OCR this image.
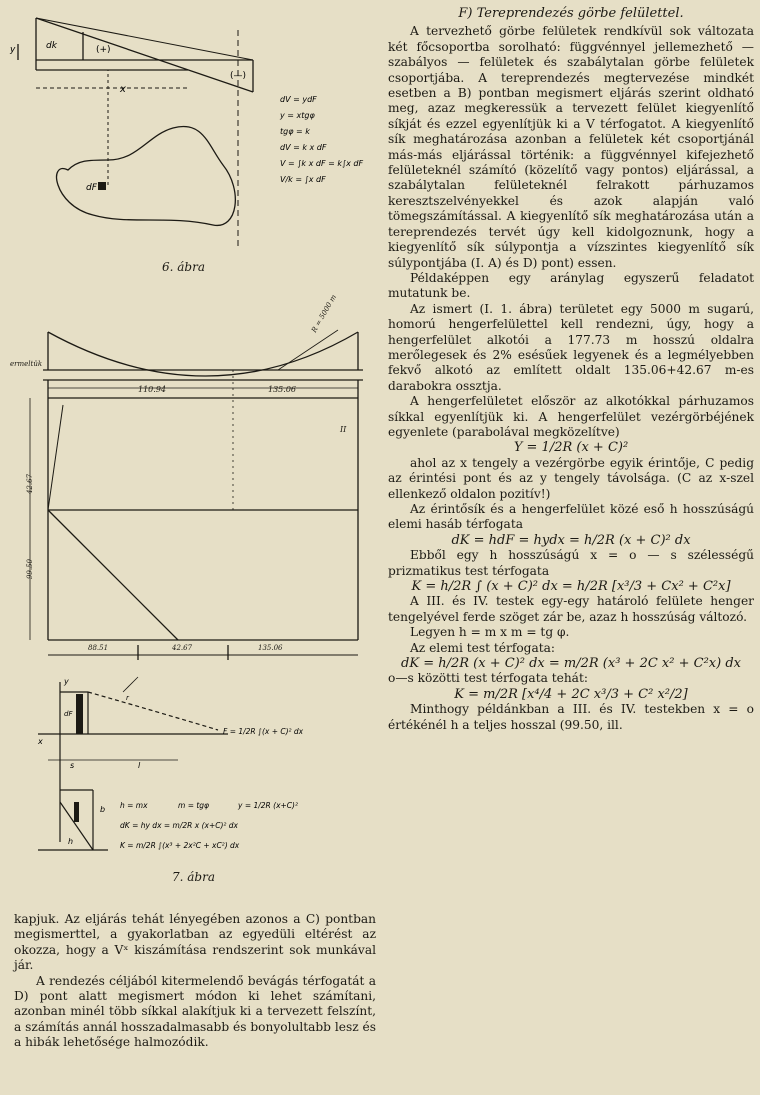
dk	(+)
(—)
x
dF
y
dV = ydF
y = xtgφ
tgφ = k
dV = k x dF
V = ∫k x dF = k∫x dF
V/k = ∫x dF
6. ábra
ermeltük
110.94	135.06
R = 5000 m
42.67
99.50
II
88.51	42.67	135.06
y
dF
x
s	l
h
b
r
F = 1/2R ∫(x + C)² dx
h = mx	m = tgφ	y = 1/2R (x+C)²
dK = hy dx = m/2R x (x+C)² dx
K = m/2R ∫(x³ + 2x²C + xC²) dx
7. ábra

kapjuk. Az eljárás tehát lényegében azonos a C) pontban megismerttel, a gyakorlatban az egyedüli eltérést az okozza, hogy a Vˣ kiszámítása rendszerint sok munkával jár.

A rendezés céljából kitermelendő bevágás térfogatát a D) pont alatt megismert módon ki lehet számítani, azonban minél több síkkal alakítjuk ki a tervezett felszínt, a számítás annál hosszadalmasabb és bonyolultabb lesz és a hibák lehetősége halmozódik.

F) Tereprendezés görbe felülettel.

A tervezhető görbe felületek rendkívül sok változata két főcsoportba sorolható: függvénnyel jellemezhető — szabályos — felületek és szabálytalan görbe felületek csoportjába. A tereprendezés megtervezése mindkét esetben a B) pontban megismert eljárás szerint oldható meg, azaz megkeressük a tervezett felület kiegyenlítő síkját és ezzel egyenlítjük ki a V térfogatot. A kiegyenlítő sík meghatározása azonban a felületek két csoportjánál más-más eljárással történik: a függvénnyel kifejezhető felületeknél számító (közelítő vagy pontos) eljárással, a szabálytalan felületeknél felrakott párhuzamos keresztszelvényekkel és azok alapján való tömegszámítással. A kiegyenlítő sík meghatározása után a tereprendezés tervét úgy kell kidolgoznunk, hogy a kiegyenlítő sík súlypontja a vízszintes kiegyenlítő sík súlypontjába (I. A) és D) pont) essen.

Példaképpen egy aránylag egyszerű feladatot mutatunk be.

Az ismert (I. 1. ábra) területet egy 5000 m sugarú, homorú hengerfelülettel kell rendezni, úgy, hogy a hengerfelület alkotói a 177.73 m hosszú oldalra merőlegesek és 2% esésűek legyenek és a legmélyebben fekvő alkotó az említett oldalt 135.06+42.67 m-es darabokra ossztja.

A hengerfelületet először az alkotókkal párhuzamos síkkal egyenlítjük ki. A hengerfelület vezérgörbéjének egyenlete (parabolával megközelítve)

Y = 1/2R (x + C)²

ahol az x tengely a vezérgörbe egyik érintője, C pedig az érintési pont és az y tengely távolsága. (C az x-szel ellenkező oldalon pozitív!)

Az érintősík és a hengerfelület közé eső h hosszúságú elemi hasáb térfogata

dK = hdF = hydx = h/2R (x + C)² dx

Ebből egy h hosszúságú x = o — s szélességű prizmatikus test térfogata

K = h/2R ∫ (x + C)² dx = h/2R [x³/3 + Cx² + C²x]

A III. és IV. testek egy-egy határoló felülete henger tengelyével ferde szöget zár be, azaz h hosszúság változó.

Legyen h = m x m = tg φ.

Az elemi test térfogata:

dK = h/2R (x + C)² dx = m/2R (x³ + 2C x² + C²x) dx

o—s közötti test térfogata tehát:

K = m/2R [x⁴/4 + 2C x³/3 + C² x²/2]

Minthogy példánkban a III. és IV. testekben x = o értékénél h a teljes hosszal (99.50, ill.
